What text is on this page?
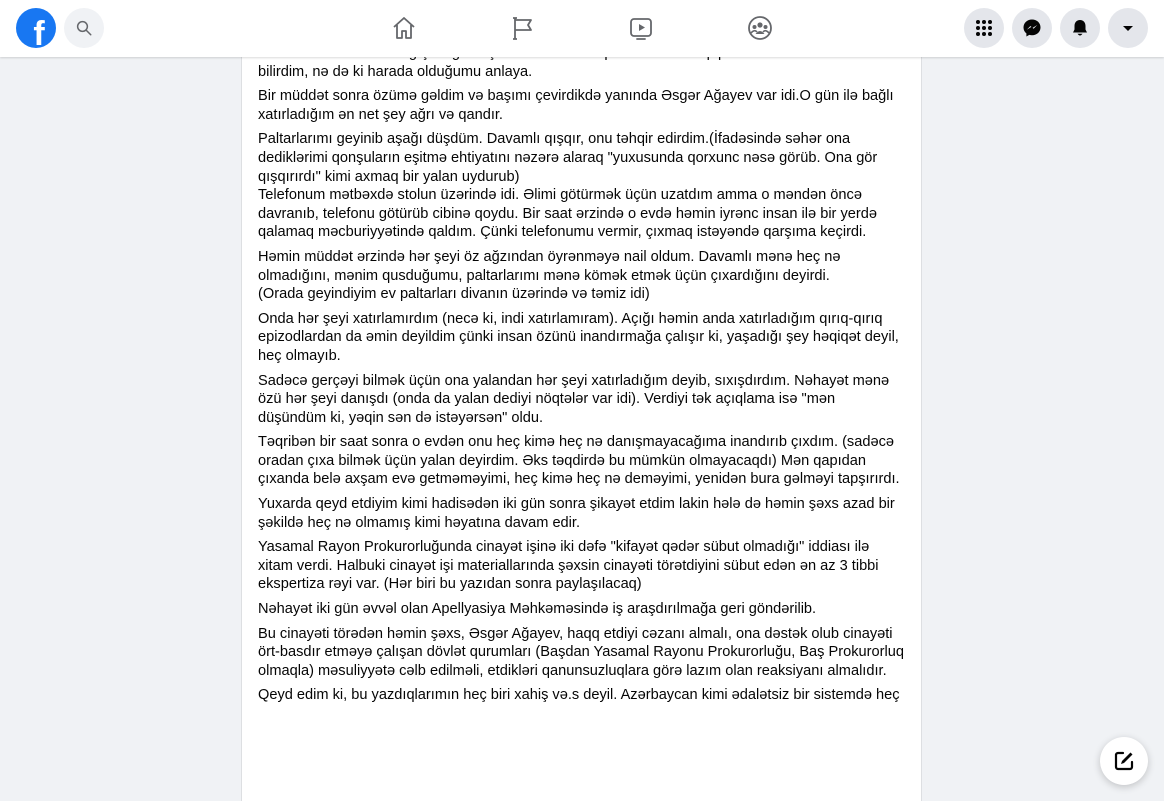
bilirdim, nə də ki harada olduğumu anlaya.

Bir müddət sonra özümə gəldim və başımı çevirdikdə yanında Əsgər Ağayev var idi.O gün ilə bağlı xatırladığım ən net şey ağrı və qandır.

Paltarlarımı geyinib aşağı düşdüm. Davamlı qışqır, onu təhqir edirdim.(İfadəsində səhər ona dediklərimi qonşuların eşitmə ehtiyatını nəzərə alaraq "yuxusunda qorxunc nəsə görüb. Ona gör qışqırırdı" kimi axmaq bir yalan uydurub)
Telefonum mətbəxdə stolun üzərində idi. Əlimi götürmək üçün uzatdım amma o məndən öncə davranıb, telefonu götürüb cibinə qoydu. Bir saat ərzində o evdə həmin iyrənc insan ilə bir yerdə qalamaq məcburiyyətində qaldım. Çünki telefonumu vermir, çıxmaq istəyəndə qarşıma keçirdi.

Həmin müddət ərzində hər şeyi öz ağzından öyrənməyə nail oldum. Davamlı mənə heç nə olmadığını, mənim qusduğumu, paltarlarımı mənə kömək etmək üçün çıxardığını deyirdi.
(Orada geyindiyim ev paltarları divanın üzərində və təmiz idi)

Onda hər şeyi xatırlamırdım (necə ki, indi xatırlamıram). Açığı həmin anda xatırladığım qırıq-qırıq epizodlardan da əmin deyildim çünki insan özünü inandırmağa çalışır ki, yaşadığı şey həqiqət deyil, heç olmayıb.

Sadəcə gerçəyi bilmək üçün ona yalandan hər şeyi xatırladığım deyib, sıxışdırdım. Nəhayət mənə özü hər şeyi danışdı (onda da yalan dediyi nöqtələr var idi). Verdiyi tək açıqlama isə "mən düşündüm ki, yəqin sən də istəyərsən" oldu.

Təqribən bir saat sonra o evdən onu heç kimə heç nə danışmayacağıma inandırıb çıxdım. (sadəcə oradan çıxa bilmək üçün yalan deyirdim. Əks təqdirdə bu mümkün olmayacaqdı) Mən qapıdan çıxanda belə axşam evə getməməyimi, heç kimə heç nə deməyimi, yenidən bura gəlməyi tapşırırdı.

Yuxarda qeyd etdiyim kimi hadisədən iki gün sonra şikayət etdim lakin hələ də həmin şəxs azad bir şəkildə heç nə olmamış kimi həyatına davam edir.

Yasamal Rayon Prokurorluğunda cinayət işinə iki dəfə "kifayət qədər sübut olmadığı" iddiası ilə xitam verdi. Halbuki cinayət işi materiallarında şəxsin cinayəti törətdiyini sübut edən ən az 3 tibbi ekspertiza rəyi var. (Hər biri bu yazıdan sonra paylaşılacaq)

Nəhayət iki gün əvvəl olan Apellyasiya Məhkəməsində iş araşdırılmağa geri göndərilib.

Bu cinayəti törədən həmin şəxs, Əsgər Ağayev, haqq etdiyi cəzanı almalı, ona dəstək olub cinayəti ört-basdır etməyə çalışan dövlət qurumları (Başdan Yasamal Rayonu Prokurorluğu, Baş Prokurorluq olmaqla) məsuliyyətə cəlb edilməli, etdikləri qanunsuzluqlara görə lazım olan reaksiyanı almalıdır.

Qeyd edim ki, bu yazdıqlarımın heç biri xahiş və.s deyil. Azərbaycan kimi ədalətsiz bir sistemdə heç

f
